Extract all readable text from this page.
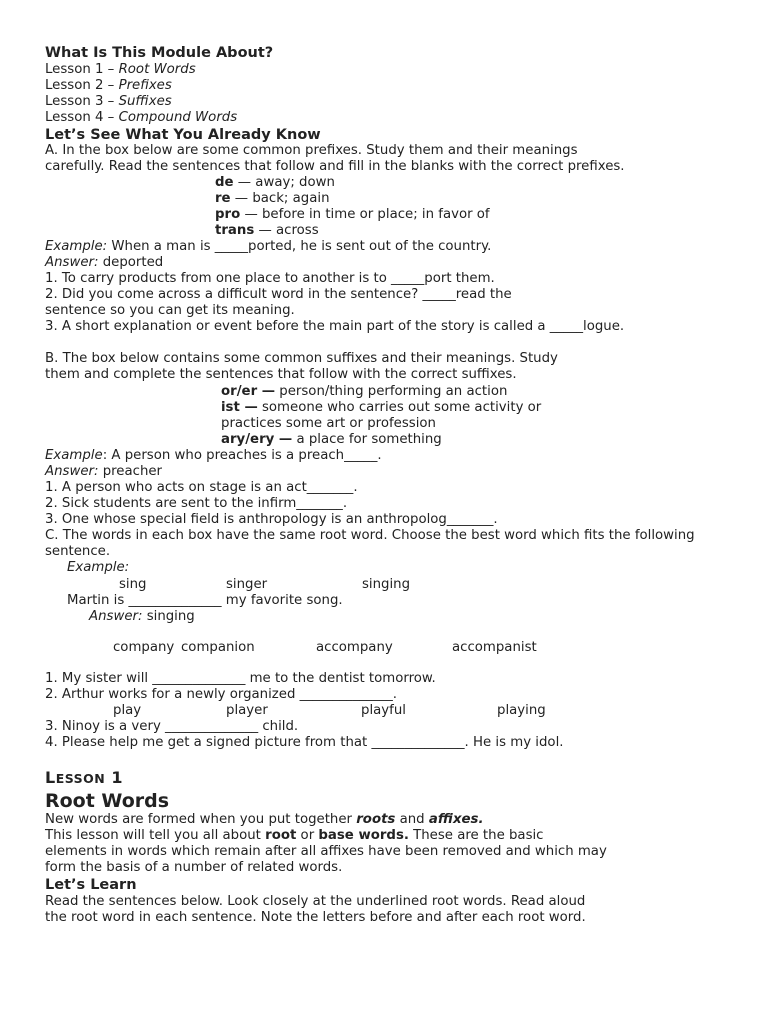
What Is This Module About?
Lesson 1 – Root Words
Lesson 2 – Prefixes
Lesson 3 – Suffixes
Lesson 4 – Compound Words
Let’s See What You Already Know
A. In the box below are some common prefixes. Study them and their meanings
carefully. Read the sentences that follow and fill in the blanks with the correct prefixes.
de — away; down
re — back; again
pro — before in time or place; in favor of
trans — across
Example: When a man is _____ported, he is sent out of the country.
Answer: deported
1. To carry products from one place to another is to _____port them.
2. Did you come across a difficult word in the sentence? _____read the
sentence so you can get its meaning.
3. A short explanation or event before the main part of the story is called a _____logue.
B. The box below contains some common suffixes and their meanings. Study
them and complete the sentences that follow with the correct suffixes.
or/er — person/thing performing an action
ist — someone who carries out some activity or
practices some art or profession
ary/ery — a place for something
Example: A person who preaches is a preach_____.
Answer: preacher
1. A person who acts on stage is an act_______.
2. Sick students are sent to the infirm_______.
3. One whose special field is anthropology is an anthropolog_______.
C. The words in each box have the same root word. Choose the best word which fits the following
sentence.
Example:
sing	singer	singing
Martin is ______________ my favorite song.
Answer: singing
company companion	accompany	accompanist
1. My sister will ______________ me to the dentist tomorrow.
2. Arthur works for a newly organized ______________.
play	player	playful	playing
3. Ninoy is a very ______________ child.
4. Please help me get a signed picture from that ______________. He is my idol.
LESSON 1
Root Words
New words are formed when you put together roots and affixes.
This lesson will tell you all about root or base words. These are the basic
elements in words which remain after all affixes have been removed and which may
form the basis of a number of related words.
Let’s Learn
Read the sentences below. Look closely at the underlined root words. Read aloud
the root word in each sentence. Note the letters before and after each root word.
